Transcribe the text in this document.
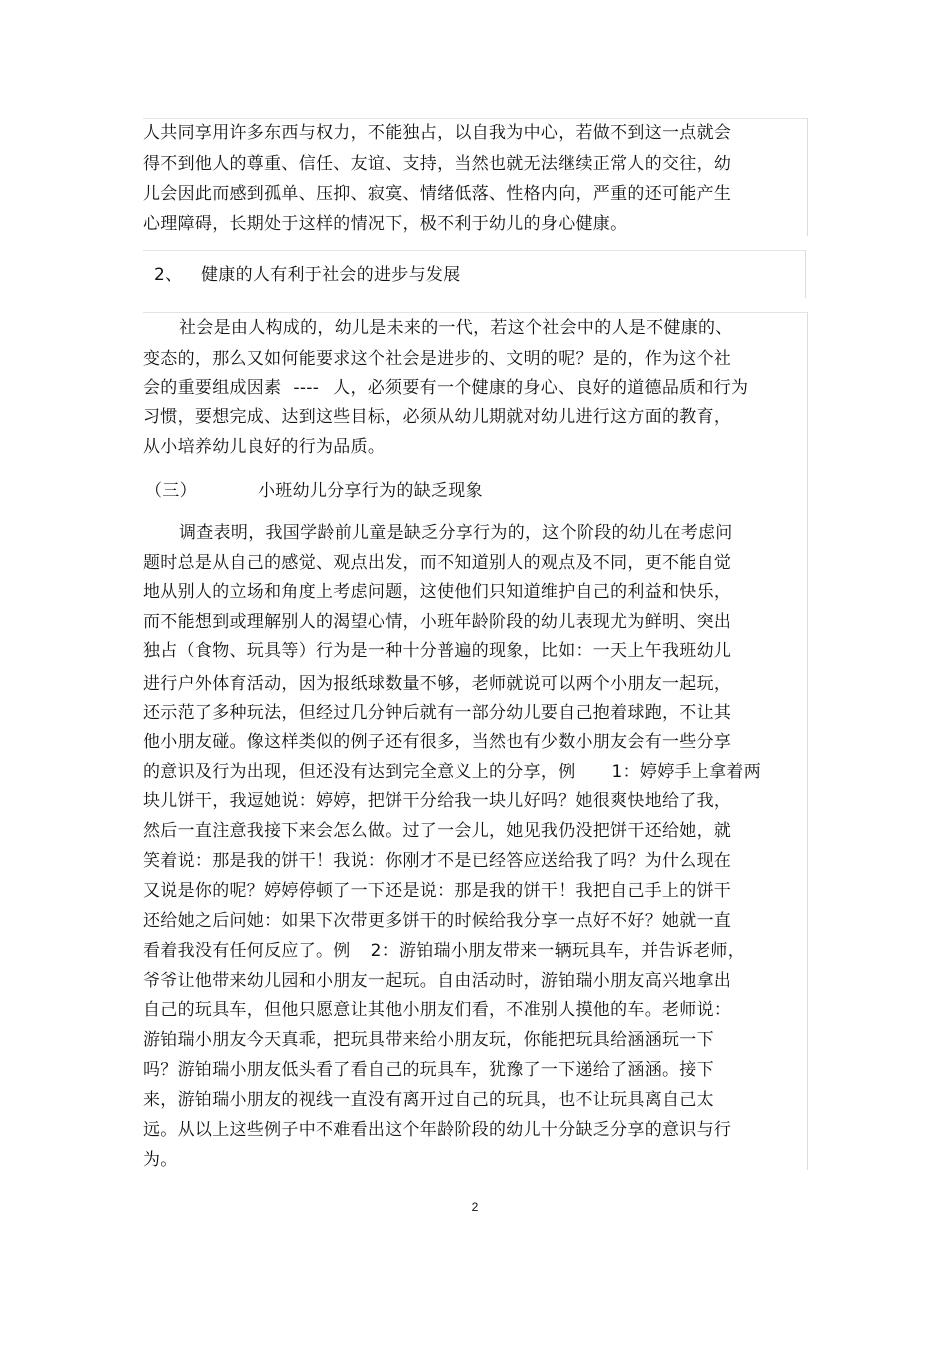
人共同享用许多东西与权力，不能独占，以自我为中心，若做不到这一点就会
得不到他人的尊重、信任、友谊、支持，当然也就无法继续正常人的交往，幼
儿会因此而感到孤单、压抑、寂寞、情绪低落、性格内向，严重的还可能产生
心理障碍，长期处于这样的情况下，极不利于幼儿的身心健康。
2、 健康的人有利于社会的进步与发展
社会是由人构成的，幼儿是未来的一代，若这个社会中的人是不健康的、
变态的，那么又如何能要求这个社会是进步的、文明的呢？是的，作为这个社
会的重要组成因素 ---- 人，必须要有一个健康的身心、良好的道德品质和行为
习惯，要想完成、达到这些目标，必须从幼儿期就对幼儿进行这方面的教育，
从小培养幼儿良好的行为品质。
（三）	小班幼儿分享行为的缺乏现象
调查表明，我国学龄前儿童是缺乏分享行为的，这个阶段的幼儿在考虑问
题时总是从自己的感觉、观点出发，而不知道别人的观点及不同，更不能自觉
地从别人的立场和角度上考虑问题，这使他们只知道维护自己的利益和快乐，
而不能想到或理解别人的渴望心情，小班年龄阶段的幼儿表现尤为鲜明、突出
独占（食物、玩具等）行为是一种十分普遍的现象，比如：一天上午我班幼儿
进行户外体育活动，因为报纸球数量不够，老师就说可以两个小朋友一起玩，
还示范了多种玩法，但经过几分钟后就有一部分幼儿要自己抱着球跑，不让其
他小朋友碰。像这样类似的例子还有很多，当然也有少数小朋友会有一些分享
的意识及行为出现，但还没有达到完全意义上的分享，例 1：婷婷手上拿着两
块儿饼干，我逗她说：婷婷，把饼干分给我一块儿好吗？她很爽快地给了我，
然后一直注意我接下来会怎么做。过了一会儿，她见我仍没把饼干还给她，就
笑着说：那是我的饼干！我说：你刚才不是已经答应送给我了吗？为什么现在
又说是你的呢？婷婷停顿了一下还是说：那是我的饼干！我把自己手上的饼干
还给她之后问她：如果下次带更多饼干的时候给我分享一点好不好？她就一直
看着我没有任何反应了。例 2：游铂瑞小朋友带来一辆玩具车，并告诉老师，
爷爷让他带来幼儿园和小朋友一起玩。自由活动时，游铂瑞小朋友高兴地拿出
自己的玩具车，但他只愿意让其他小朋友们看，不准别人摸他的车。老师说：
游铂瑞小朋友今天真乖，把玩具带来给小朋友玩，你能把玩具给涵涵玩一下
吗？游铂瑞小朋友低头看了看自己的玩具车，犹豫了一下递给了涵涵。接下
来，游铂瑞小朋友的视线一直没有离开过自己的玩具，也不让玩具离自己太
远。从以上这些例子中不难看出这个年龄阶段的幼儿十分缺乏分享的意识与行
为。
2
